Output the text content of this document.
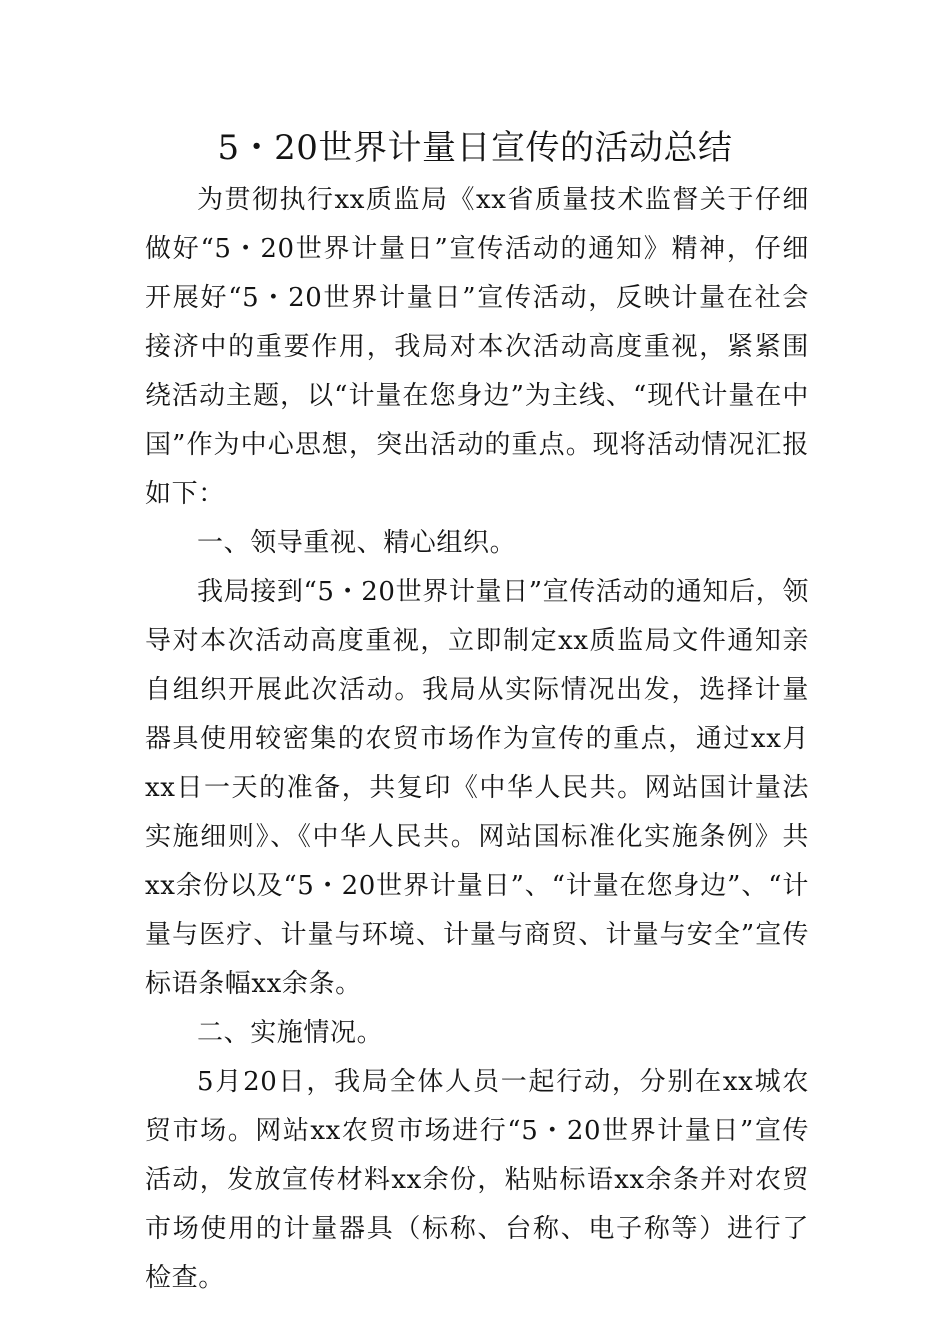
5・20世界计量日宣传的活动总结

为贯彻执行xx质监局《xx省质量技术监督关于仔细做好“5・20世界计量日”宣传活动的通知》精神，仔细开展好“5・20世界计量日”宣传活动，反映计量在社会接济中的重要作用，我局对本次活动高度重视，紧紧围绕活动主题，以“计量在您身边”为主线、“现代计量在中国”作为中心思想，突出活动的重点。现将活动情况汇报如下：

一、领导重视、精心组织。

我局接到“5・20世界计量日”宣传活动的通知后，领导对本次活动高度重视，立即制定xx质监局文件通知亲自组织开展此次活动。我局从实际情况出发，选择计量器具使用较密集的农贸市场作为宣传的重点，通过xx月xx日一天的准备，共复印《中华人民共。网站国计量法实施细则》、《中华人民共。网站国标准化实施条例》共xx余份以及“5・20世界计量日”、“计量在您身边”、“计量与医疗、计量与环境、计量与商贸、计量与安全”宣传标语条幅xx余条。

二、实施情况。

5月20日，我局全体人员一起行动，分别在xx城农贸市场。网站xx农贸市场进行“5・20世界计量日”宣传活动，发放宣传材料xx余份，粘贴标语xx余条并对农贸市场使用的计量器具（标称、台称、电子称等）进行了检查。
